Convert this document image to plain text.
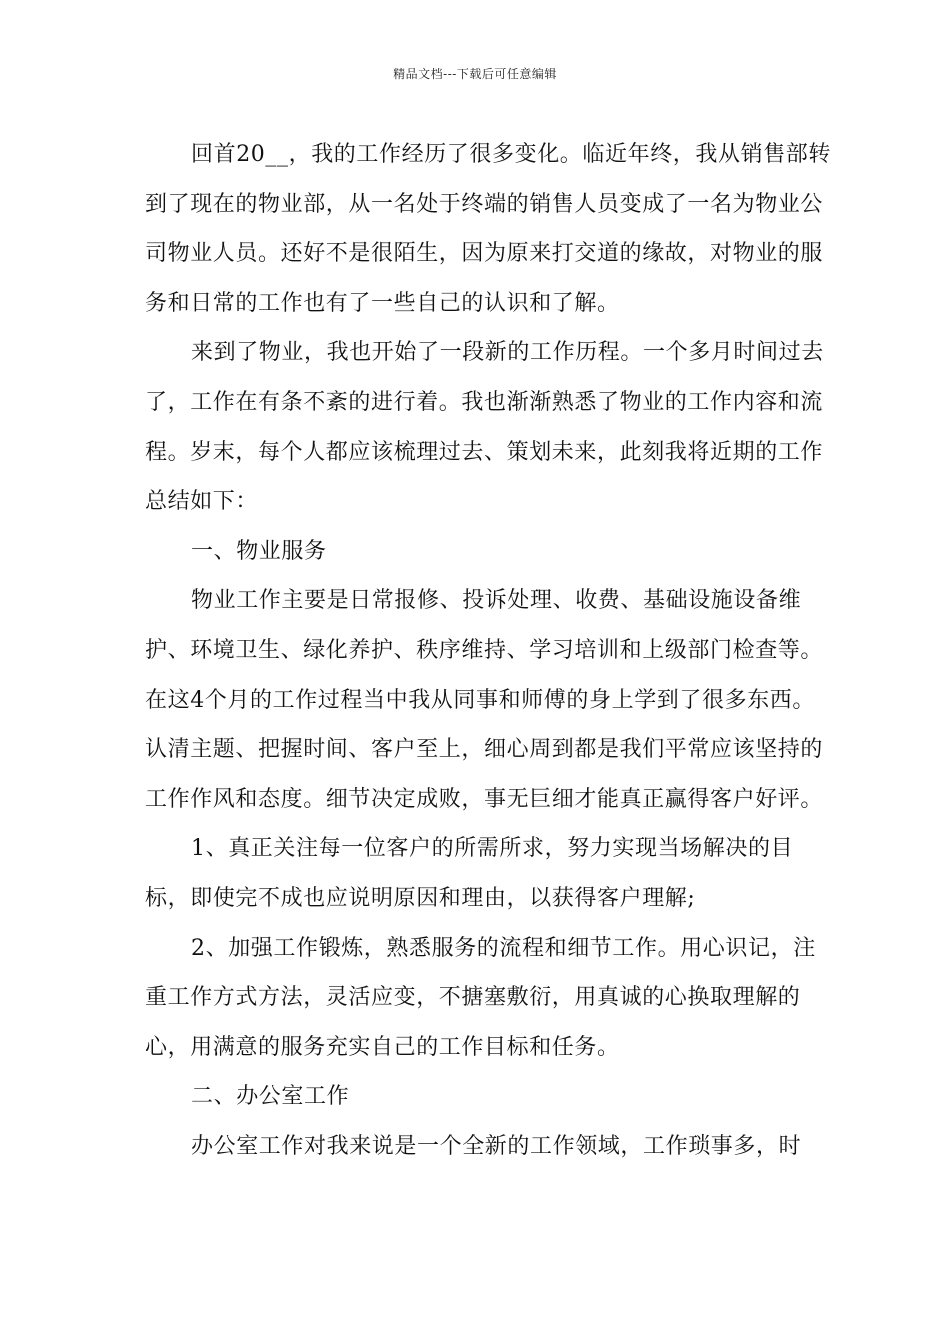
精品文档---下载后可任意编辑

回首20__，我的工作经历了很多变化。临近年终，我从销售部转到了现在的物业部，从一名处于终端的销售人员变成了一名为物业公司物业人员。还好不是很陌生，因为原来打交道的缘故，对物业的服务和日常的工作也有了一些自己的认识和了解。

来到了物业，我也开始了一段新的工作历程。一个多月时间过去了，工作在有条不紊的进行着。我也渐渐熟悉了物业的工作内容和流程。岁末，每个人都应该梳理过去、策划未来，此刻我将近期的工作总结如下：

一、物业服务

物业工作主要是日常报修、投诉处理、收费、基础设施设备维护、环境卫生、绿化养护、秩序维持、学习培训和上级部门检查等。在这4个月的工作过程当中我从同事和师傅的身上学到了很多东西。认清主题、把握时间、客户至上，细心周到都是我们平常应该坚持的工作作风和态度。细节决定成败，事无巨细才能真正赢得客户好评。

1、真正关注每一位客户的所需所求，努力实现当场解决的目标，即使完不成也应说明原因和理由，以获得客户理解;

2、加强工作锻炼，熟悉服务的流程和细节工作。用心识记，注重工作方式方法，灵活应变，不搪塞敷衍，用真诚的心换取理解的心，用满意的服务充实自己的工作目标和任务。

二、办公室工作

办公室工作对我来说是一个全新的工作领域，工作琐事多，时
